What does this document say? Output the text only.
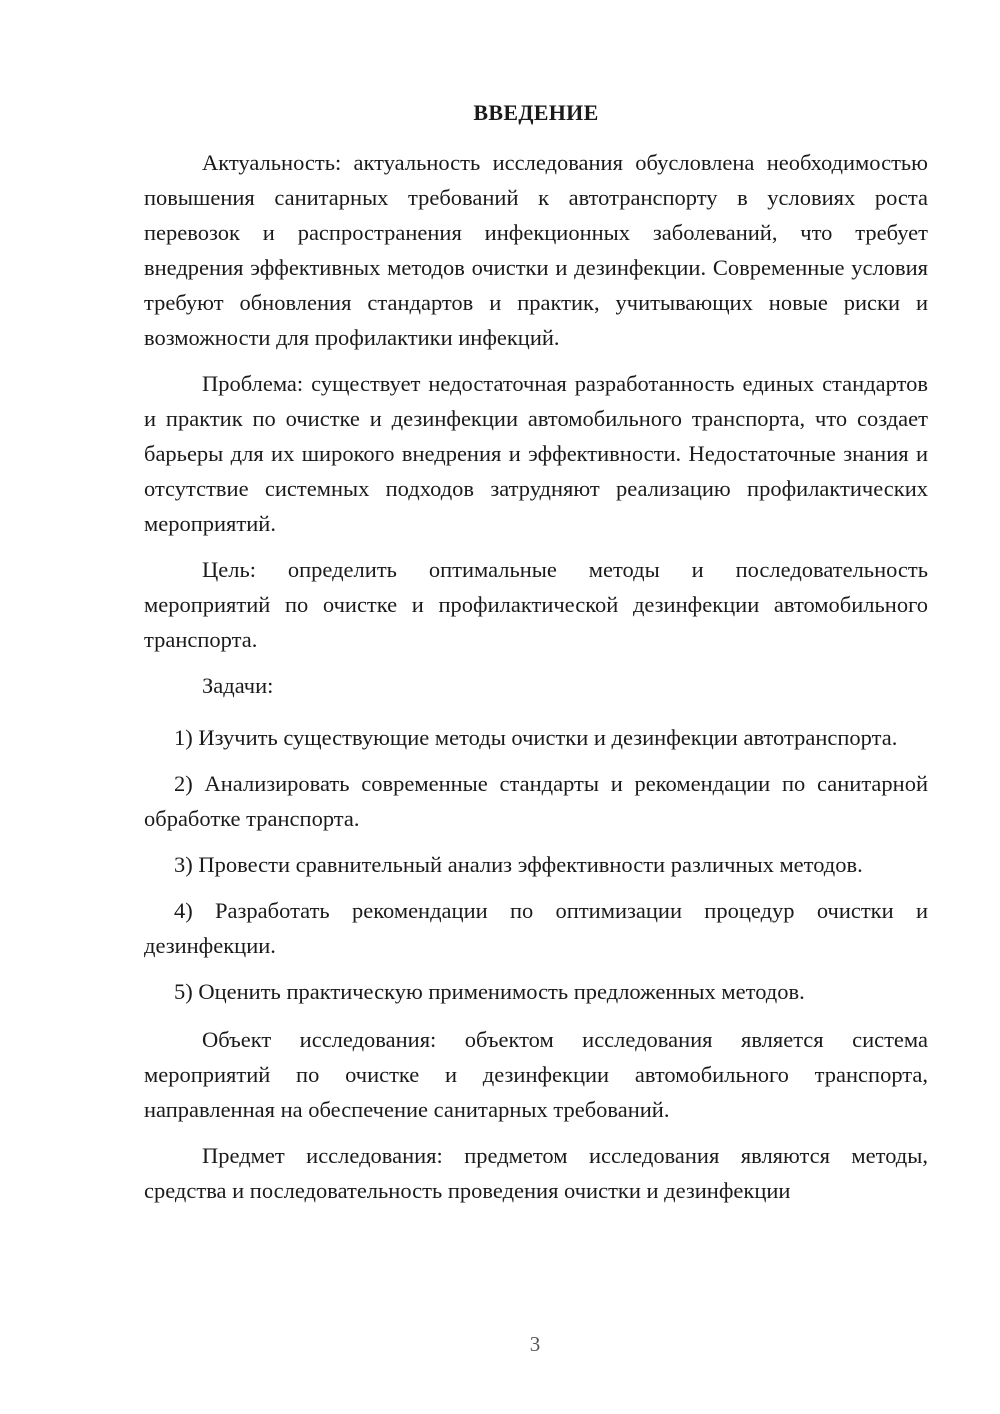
ВВЕДЕНИЕ

Актуальность: актуальность исследования обусловлена необходимостью повышения санитарных требований к автотранспорту в условиях роста перевозок и распространения инфекционных заболеваний, что требует внедрения эффективных методов очистки и дезинфекции. Современные условия требуют обновления стандартов и практик, учитывающих новые риски и возможности для профилактики инфекций.

Проблема: существует недостаточная разработанность единых стандартов и практик по очистке и дезинфекции автомобильного транспорта, что создает барьеры для их широкого внедрения и эффективности. Недостаточные знания и отсутствие системных подходов затрудняют реализацию профилактических мероприятий.

Цель: определить оптимальные методы и последовательность мероприятий по очистке и профилактической дезинфекции автомобильного транспорта.

Задачи:

1) Изучить существующие методы очистки и дезинфекции автотранспорта.

2) Анализировать современные стандарты и рекомендации по санитарной обработке транспорта.

3) Провести сравнительный анализ эффективности различных методов.

4) Разработать рекомендации по оптимизации процедур очистки и дезинфекции.

5) Оценить практическую применимость предложенных методов.

Объект исследования: объектом исследования является система мероприятий по очистке и дезинфекции автомобильного транспорта, направленная на обеспечение санитарных требований.

Предмет исследования: предметом исследования являются методы, средства и последовательность проведения очистки и дезинфекции

3
